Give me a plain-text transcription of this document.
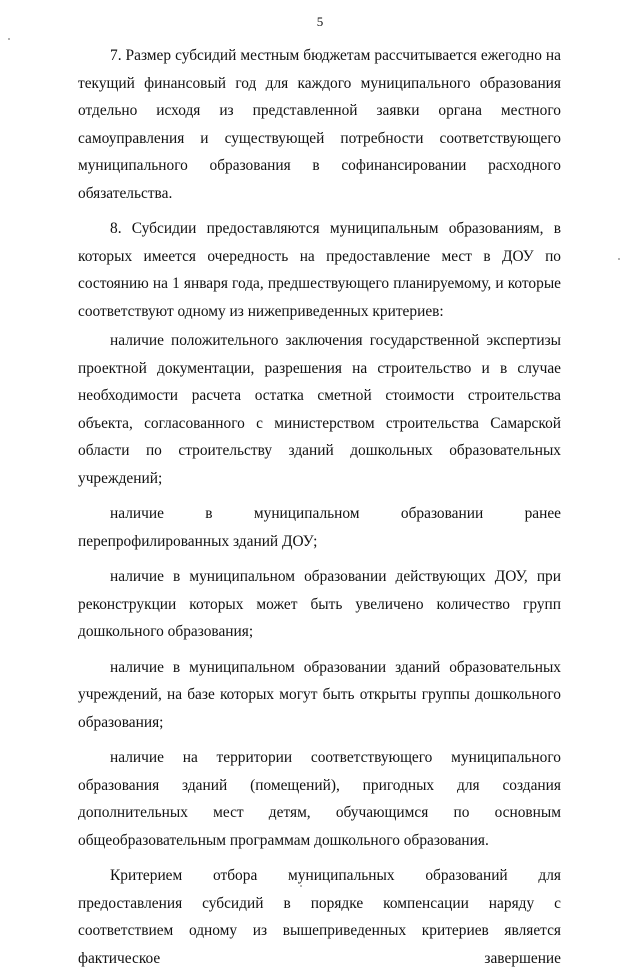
5

7. Размер субсидий местным бюджетам рассчитывается ежегодно на текущий финансовый год для каждого муниципального образования отдельно исходя из представленной заявки органа местного самоуправления и существующей потребности соответствующего муниципального образования в софинансировании расходного обязательства.

8. Субсидии предоставляются муниципальным образованиям, в которых имеется очередность на предоставление мест в ДОУ по состоянию на 1 января года, предшествующего планируемому, и которые соответствуют одному из нижеприведенных критериев:

наличие положительного заключения государственной экспертизы проектной документации, разрешения на строительство и в случае необходимости расчета остатка сметной стоимости строительства объекта, согласованного с министерством строительства Самарской области по строительству зданий дошкольных образовательных учреждений;

наличие в муниципальном образовании ранее перепрофилированных зданий ДОУ;

наличие в муниципальном образовании действующих ДОУ, при реконструкции которых может быть увеличено количество групп дошкольного образования;

наличие в муниципальном образовании зданий образовательных учреждений, на базе которых могут быть открыты группы дошкольного образования;

наличие на территории соответствующего муниципального образования зданий (помещений), пригодных для создания дополнительных мест детям, обучающимся по основным общеобразовательным программам дошкольного образования.

Критерием отбора муниципальных образований для предоставления субсидий в порядке компенсации наряду с соответствием одному из вышеприведенных критериев является фактическое завершение
